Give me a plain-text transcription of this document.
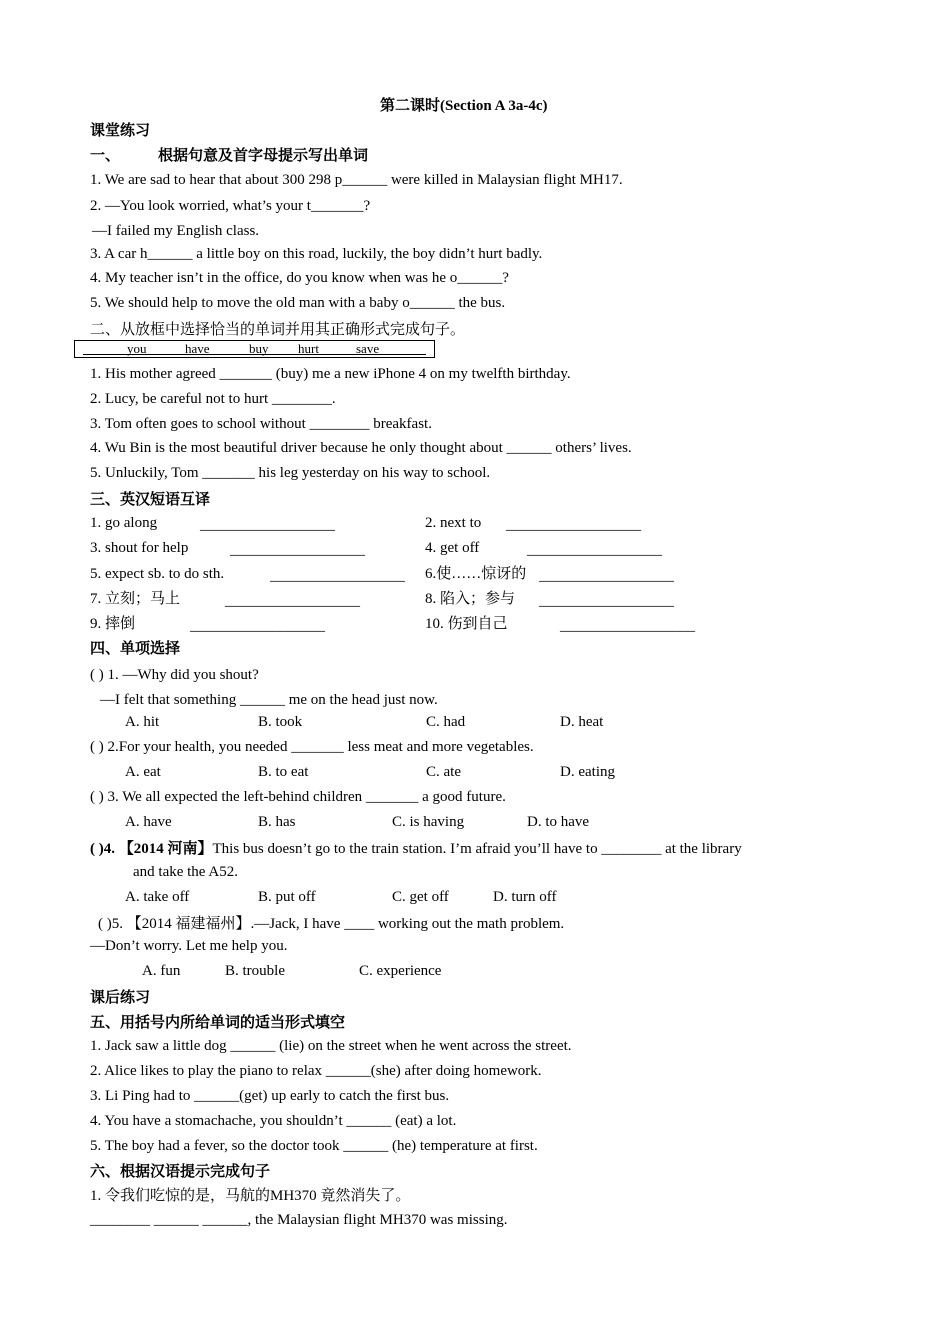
第二课时(Section A 3a-4c)
课堂练习
一、	根据句意及首字母提示写出单词
1. We are sad to hear that about 300 298 p______ were killed in Malaysian flight MH17.
2. —You look worried, what’s your t_______?
—I failed my English class.
3. A car h______ a little boy on this road, luckily, the boy didn’t hurt badly.
4. My teacher isn’t in the office, do you know when was he o______?
5. We should help to move the old man with a baby o______ the bus.
二、从放框中选择恰当的单词并用其正确形式完成句子。
you	have	buy hurt	save
1. His mother agreed _______ (buy) me a new iPhone 4 on my twelfth birthday.
2. Lucy, be careful not to hurt ________.
3. Tom often goes to school without ________ breakfast.
4. Wu Bin is the most beautiful driver because he only thought about ______ others’ lives.
5. Unluckily, Tom _______ his leg yesterday on his way to school.
三、英汉短语互译
1. go along	__________________	2. next to __________________
3. shout for help	__________________	4. get off	__________________
5. expect sb. to do sth.	__________________ 6.使……惊讶的 __________________
7. 立刻；马上	__________________	8. 陷入；参与 __________________
9. 摔倒	__________________	10. 伤到自己	__________________
四、单项选择
( ) 1. —Why did you shout?
—I felt that something ______ me on the head just now.
A. hit	B. took	C. had	D. heat
( ) 2.For your health, you needed _______ less meat and more vegetables.
A. eat	B. to eat	C. ate	D. eating
( ) 3. We all expected the left-behind children _______ a good future.
A. have	B. has	C. is having	D. to have
( )4. 【2014 河南】This bus doesn’t go to the train station. I’m afraid you’ll have to ________ at the library
and take the A52.
A. take off	B. put off	C. get off	D. turn off
( )5. 【2014 福建福州】.—Jack, I have ____ working out the math problem.
—Don’t worry. Let me help you.
A. fun	B. trouble	C. experience
课后练习
五、用括号内所给单词的适当形式填空
1. Jack saw a little dog ______ (lie) on the street when he went across the street.
2. Alice likes to play the piano to relax ______(she) after doing homework.
3. Li Ping had to ______(get) up early to catch the first bus.
4. You have a stomachache, you shouldn’t ______ (eat) a lot.
5. The boy had a fever, so the doctor took ______ (he) temperature at first.
六、根据汉语提示完成句子
1. 令我们吃惊的是，马航的MH370 竟然消失了。
________ ______ ______, the Malaysian flight MH370 was missing.
